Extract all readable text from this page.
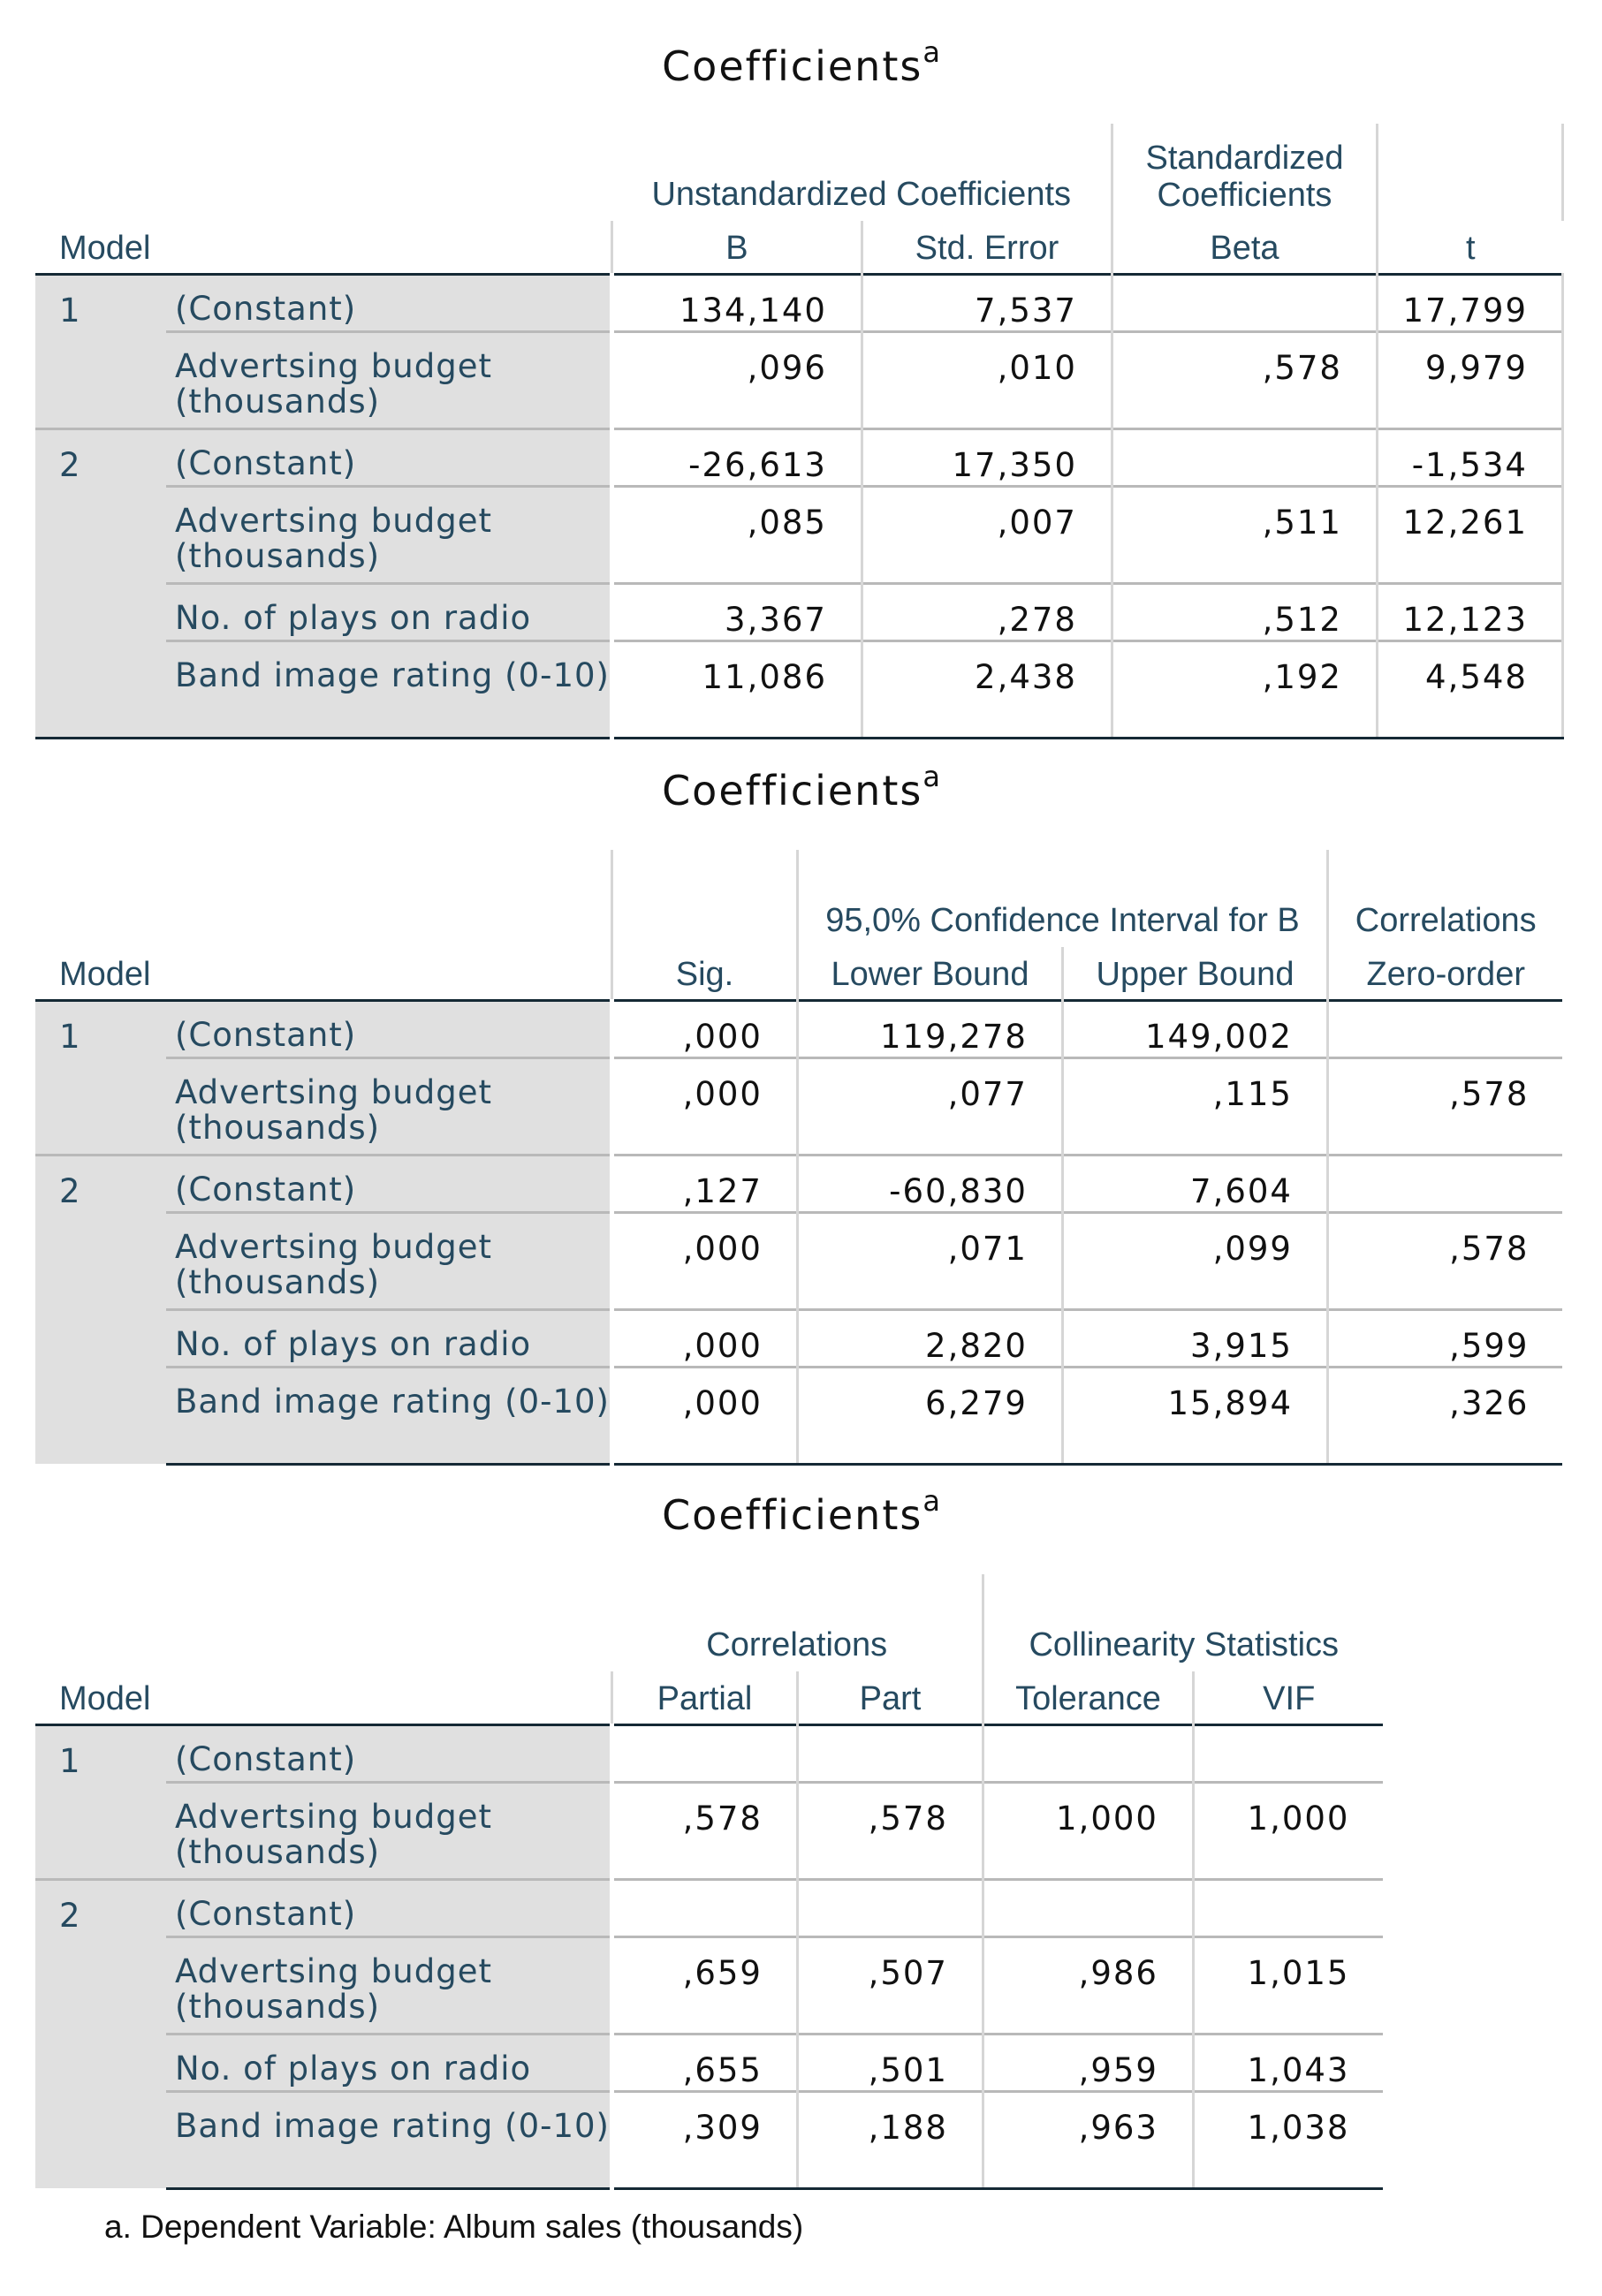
Coefficients$^a$
Model		Unstandardized Coefficients		Standardized
Coefficients	
		B	Std. Error	Beta	t
1	(Constant)	134,140	7,537		17,799
	Advertsing budget (thousands)	,096	,010	,578	9,979
2	(Constant)	-26,613	17,350		-1,534
	Advertsing budget (thousands)	,085	,007	,511	12,261
	No. of plays on radio	3,367	,278	,512	12,123
	Band image rating (0-10)	11,086	2,438	,192	4,548
Coefficients$^a$
Model			95,0% Confidence Interval for B		Correlations
		Sig.	Lower Bound	Upper Bound	Zero-order
1	(Constant)	,000	119,278	149,002	
	Advertsing budget (thousands)	,000	,077	,115	,578
2	(Constant)	,127	-60,830	7,604	
	Advertsing budget (thousands)	,000	,071	,099	,578
	No. of plays on radio	,000	2,820	3,915	,599
	Band image rating (0-10)	,000	6,279	15,894	,326
Coefficients$^a$
Model		Correlations		Collinearity Statistics	
		Partial	Part	Tolerance	VIF
1	(Constant)				
	Advertsing budget (thousands)	,578	,578	1,000	1,000
2	(Constant)				
	Advertsing budget (thousands)	,659	,507	,986	1,015
	No. of plays on radio	,655	,501	,959	1,043
	Band image rating (0-10)	,309	,188	,963	1,038
a. Dependent Variable: Album sales (thousands)
